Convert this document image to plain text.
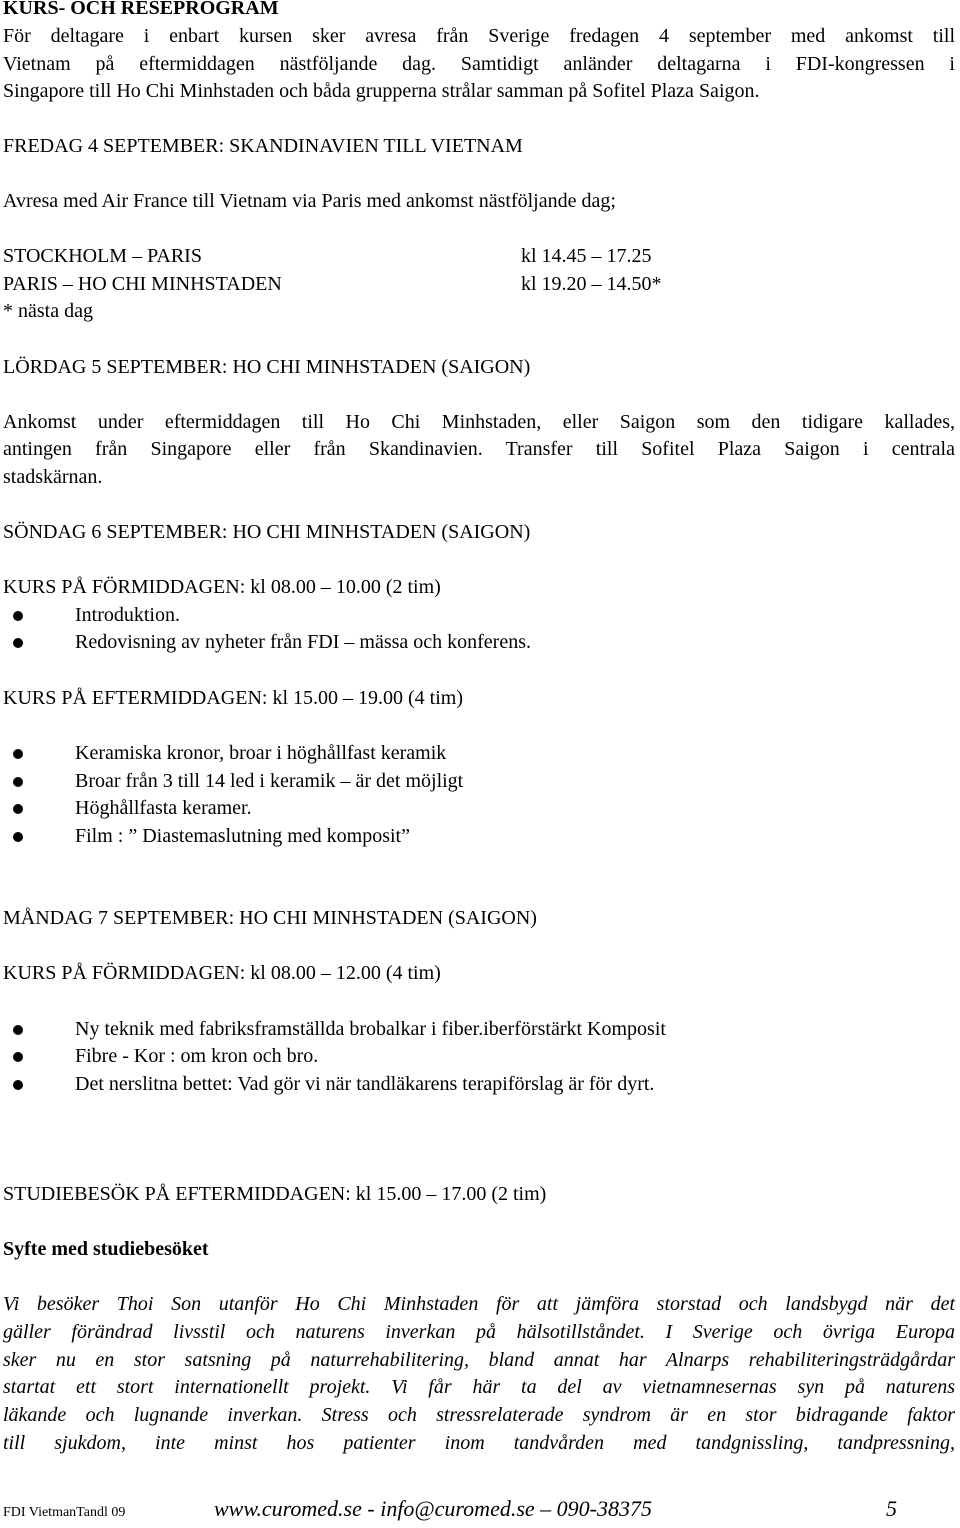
KURS- OCH RESEPROGRAM
För deltagare i enbart kursen sker avresa från Sverige fredagen 4 september med ankomst till
Vietnam på eftermiddagen nästföljande dag. Samtidigt anländer deltagarna i FDI-kongressen i
Singapore till Ho Chi Minhstaden och båda grupperna strålar samman på Sofitel Plaza Saigon.
FREDAG 4 SEPTEMBER: SKANDINAVIEN TILL VIETNAM
Avresa med Air France till Vietnam via Paris med ankomst nästföljande dag;
STOCKHOLM – PARIS	kl 14.45 – 17.25
PARIS – HO CHI MINHSTADEN	kl 19.20 – 14.50*
* nästa dag
LÖRDAG 5 SEPTEMBER: HO CHI MINHSTADEN (SAIGON)
Ankomst under eftermiddagen till Ho Chi Minhstaden, eller Saigon som den tidigare kallades,
antingen från Singapore eller från Skandinavien. Transfer till Sofitel Plaza Saigon i centrala
stadskärnan.
SÖNDAG 6 SEPTEMBER: HO CHI MINHSTADEN (SAIGON)
KURS PÅ FÖRMIDDAGEN: kl 08.00 – 10.00 (2 tim)
Introduktion.
Redovisning av nyheter från FDI – mässa och konferens.
KURS PÅ EFTERMIDDAGEN: kl 15.00 – 19.00 (4 tim)
Keramiska kronor, broar i höghållfast keramik
Broar från 3 till 14 led i keramik – är det möjligt
Höghållfasta keramer.
Film : ” Diastemaslutning med komposit”
MÅNDAG 7 SEPTEMBER: HO CHI MINHSTADEN (SAIGON)
KURS PÅ FÖRMIDDAGEN: kl 08.00 – 12.00 (4 tim)
Ny teknik med fabriksframställda brobalkar i fiber.iberförstärkt Komposit
Fibre - Kor : om kron och bro.
Det nerslitna bettet: Vad gör vi när tandläkarens terapiförslag är för dyrt.
STUDIEBESÖK PÅ EFTERMIDDAGEN: kl 15.00 – 17.00 (2 tim)
Syfte med studiebesöket
Vi besöker Thoi Son utanför Ho Chi Minhstaden för att jämföra storstad och landsbygd när det
gäller förändrad livsstil och naturens inverkan på hälsotillståndet. I Sverige och övriga Europa
sker nu en stor satsning på naturrehabilitering, bland annat har Alnarps rehabiliteringsträdgårdar
startat ett stort internationellt projekt. Vi får här ta del av vietnamnesernas syn på naturens
läkande och lugnande inverkan. Stress och stressrelaterade syndrom är en stor bidragande faktor
till sjukdom, inte minst hos patienter inom tandvården med tandgnissling, tandpressning,
FDI VietmanTandl 09	www.curomed.se - info@curomed.se – 090-38375	5
